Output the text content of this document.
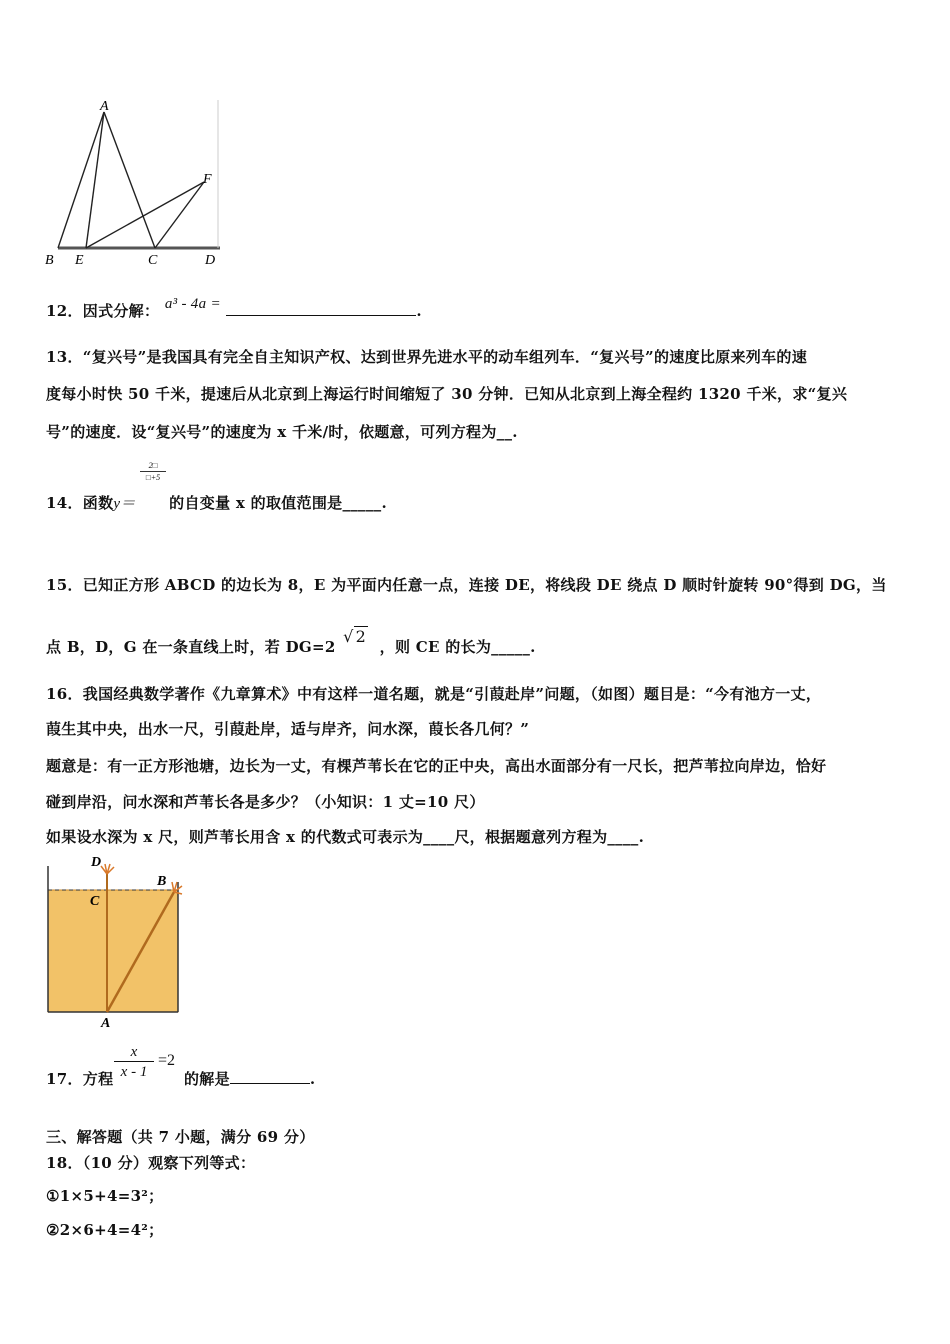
A
F
B E	C	D
12．因式分解： a³ - 4a =	.
13．“复兴号”是我国具有完全自主知识产权、达到世界先进水平的动车组列车．“复兴号”的速度比原来列车的速
度每小时快 50 千米，提速后从北京到上海运行时间缩短了 30 分钟．已知从北京到上海全程约 1320 千米，求“复兴
号”的速度．设“复兴号”的速度为 x 千米/时，依题意，可列方程为__.
14．函数y＝ 的自变量 x 的取值范围是_____.
$\frac{2□}{□+5}$
15．已知正方形 ABCD 的边长为 8，E 为平面内任意一点，连接 DE，将线段 DE 绕点 D 顺时针旋转 90°得到 DG，当
点 B，D，G 在一条直线上时，若 DG=2 √ 2 ，则 CE 的长为_____.
16．我国经典数学著作《九章算术》中有这样一道名题，就是“引葭赴岸”问题，（如图）题目是：“今有池方一丈，
葭生其中央，出水一尺，引葭赴岸，适与岸齐，问水深，葭长各几何？”
题意是：有一正方形池塘，边长为一丈，有棵芦苇长在它的正中央，高出水面部分有一尺长，把芦苇拉向岸边，恰好
碰到岸沿，问水深和芦苇长各是多少？（小知识：1 丈=10 尺）
如果设水深为 x 尺，则芦苇长用含 x 的代数式可表示为____尺，根据题意列方程为____.
D
B
C
A
17．方程 $\frac{x}{x - 1} =2$
的解是	.
三、解答题（共 7 小题，满分 69 分）
18．（10 分）观察下列等式：
①1×5+4=3²；
②2×6+4=4²；
